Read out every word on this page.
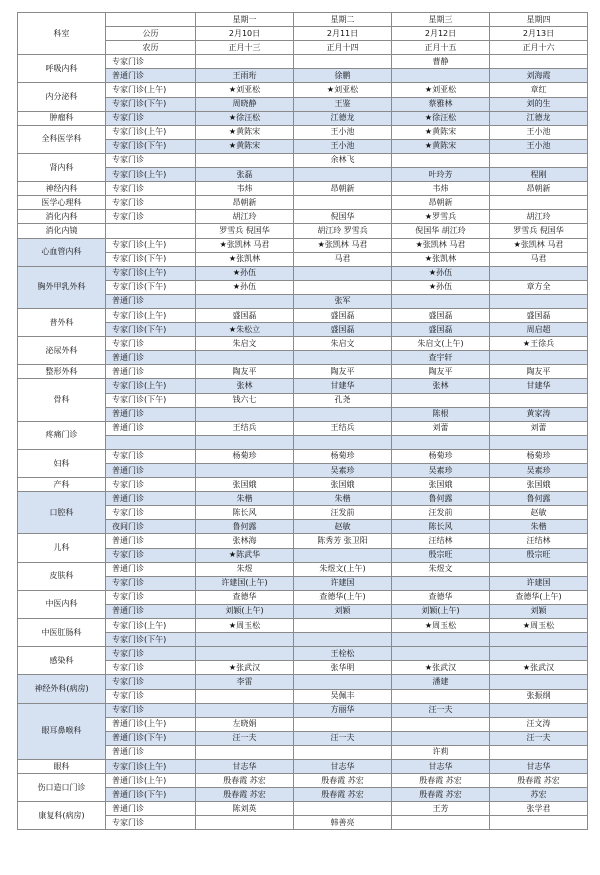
科室		星期一	星期二	星期三	星期四
	公历	2月10日	2月11日	2月12日	2月13日
	农历	正月十三	正月十四	正月十五	正月十六
呼吸内科	专家门诊			曹静	
	普通门诊	王雨珩	徐鹏		刘海霞
内分泌科	专家门诊(上午)	★刘亚松	★刘亚松	★刘亚松	章红
	专家门诊(下午)	周晓静	王鉴	蔡雅林	刘的生
肿瘤科	专家门诊	★徐汪松	江德龙	★徐汪松	江德龙
全科医学科	专家门诊(上午)	★黄陈宋	王小池	★黄陈宋	王小池
	专家门诊(下午)	★黄陈宋	王小池	★黄陈宋	王小池
肾内科	专家门诊		余林飞		
	专家门诊(上午)	张磊		叶玲芳	程刚
神经内科	专家门诊	韦炜	昂朝新	韦炜	昂朝新
医学心理科	专家门诊	昂朝新		昂朝新	
消化内科	专家门诊	胡江玲	倪国华	★罗雪兵	胡江玲
消化内镜		罗雪兵 倪国华	胡江玲 罗雪兵	倪国华 胡江玲	罗雪兵 倪国华
心血管内科	专家门诊(上午)	★张凯林 马君	★张凯林 马君	★张凯林 马君	★张凯林 马君
	专家门诊(下午)	★张凯林	马君	★张凯林	马君
胸外甲乳外科	专家门诊(上午)	★孙伍		★孙伍	
	专家门诊(下午)	★孙伍		★孙伍	章方全
	普通门诊		张军		
普外科	专家门诊(上午)	盛国磊	盛国磊	盛国磊	盛国磊
	专家门诊(下午)	★朱松立	盛国磊	盛国磊	周启超
泌尿外科	专家门诊	朱启文	朱启文	朱启文(上午)	★王徐兵
	普通门诊			查宇轩	
整形外科	普通门诊	陶友平	陶友平	陶友平	陶友平
骨科	专家门诊(上午)	张林	甘建华	张林	甘建华
	专家门诊(下午)	钱六七	孔尧		
	普通门诊			陈根	黄家涛
疼痛门诊	普通门诊	王结兵	王结兵	刘蕾	刘蕾

妇科	专家门诊	杨菊珍	杨菊珍	杨菊珍	杨菊珍
	普通门诊		吴素珍	吴素珍	吴素珍
产科	专家门诊	张国娥	张国娥	张国娥	张国娥
口腔科	普通门诊	朱楷	朱楷	鲁何露	鲁何露
	专家门诊	陈长风	汪发前	汪发前	赵敏
	夜间门诊	鲁何露	赵敏	陈长风	朱楷
儿科	普通门诊	张林海	陈秀芳 张卫阳	汪结林	汪结林
	专家门诊	★陈武华		殷宗旺	殷宗旺
皮肤科	普通门诊	朱煜	朱煜文(上午)	朱煜文	
	专家门诊	许建国(上午)	许建国		许建国
中医内科	专家门诊	查德华	查德华(上午)	查德华	查德华(上午)
	普通门诊	刘颖(上午)	刘颖	刘颖(上午)	刘颖
中医肛肠科	专家门诊(上午)	★周玉松		★周玉松	★周玉松
	专家门诊(下午)				
感染科	专家门诊		王栓松		
	专家门诊	★张武汉	张华明	★张武汉	★张武汉
神经外科(病房)	专家门诊	李雷		潘建	
	专家门诊		吴佩丰		张振纲
眼耳鼻喉科	专家门诊		方丽华	汪一夫	
	普通门诊(上午)	左晓娟			汪文涛
	普通门诊(下午)	汪一夫	汪一夫		汪一夫
	普通门诊			许莉	
眼科	专家门诊(上午)	甘志华	甘志华	甘志华	甘志华
伤口造口门诊	普通门诊(上午)	殷春霞 苏宏	殷春霞 苏宏	殷春霞 苏宏	殷春霞 苏宏
	普通门诊(下午)	殷春霞 苏宏	殷春霞 苏宏	殷春霞 苏宏	苏宏
康复科(病房)	普通门诊	陈刘英		王芳	张学君
	专家门诊		韩善亮		
